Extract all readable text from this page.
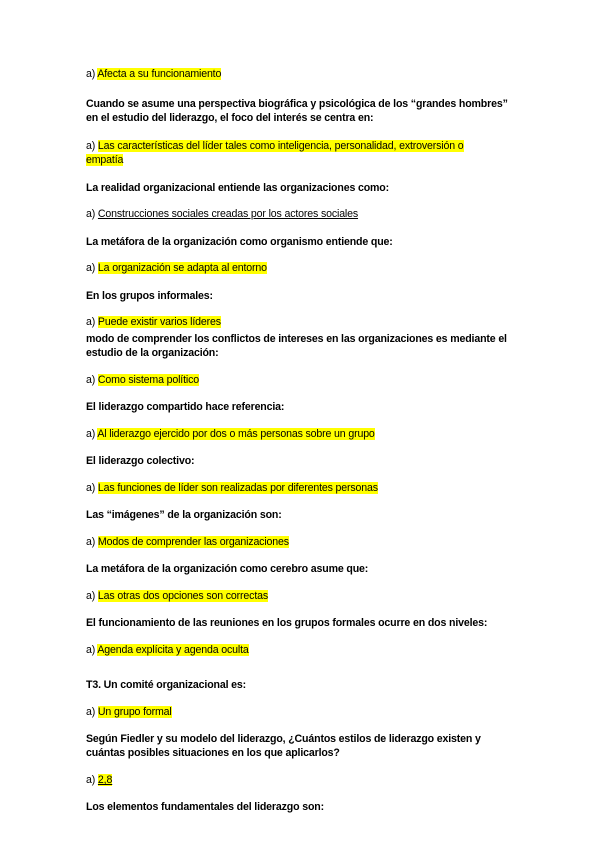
a) Afecta a su funcionamiento
Cuando se asume una perspectiva biográfica y psicológica de los “grandes hombres”
en el estudio del liderazgo, el foco del interés se centra en:
a) Las características del líder tales como inteligencia, personalidad, extroversión o
empatía
La realidad organizacional entiende las organizaciones como:
a) Construcciones sociales creadas por los actores sociales
La metáfora de la organización como organismo entiende que:
a) La organización se adapta al entorno
En los grupos informales:
a) Puede existir varios líderes
modo de comprender los conflictos de intereses en las organizaciones es mediante el
estudio de la organización:
a) Como sistema político
El liderazgo compartido hace referencia:
a) Al liderazgo ejercido por dos o más personas sobre un grupo
El liderazgo colectivo:
a) Las funciones de líder son realizadas por diferentes personas
Las “imágenes” de la organización son:
a) Modos de comprender las organizaciones
La metáfora de la organización como cerebro asume que:
a) Las otras dos opciones son correctas
El funcionamiento de las reuniones en los grupos formales ocurre en dos niveles:
a) Agenda explícita y agenda oculta
T3. Un comité organizacional es:
a) Un grupo formal
Según Fiedler y su modelo del liderazgo, ¿Cuántos estilos de liderazgo existen y
cuántas posibles situaciones en los que aplicarlos?
a) 2,8
Los elementos fundamentales del liderazgo son:
